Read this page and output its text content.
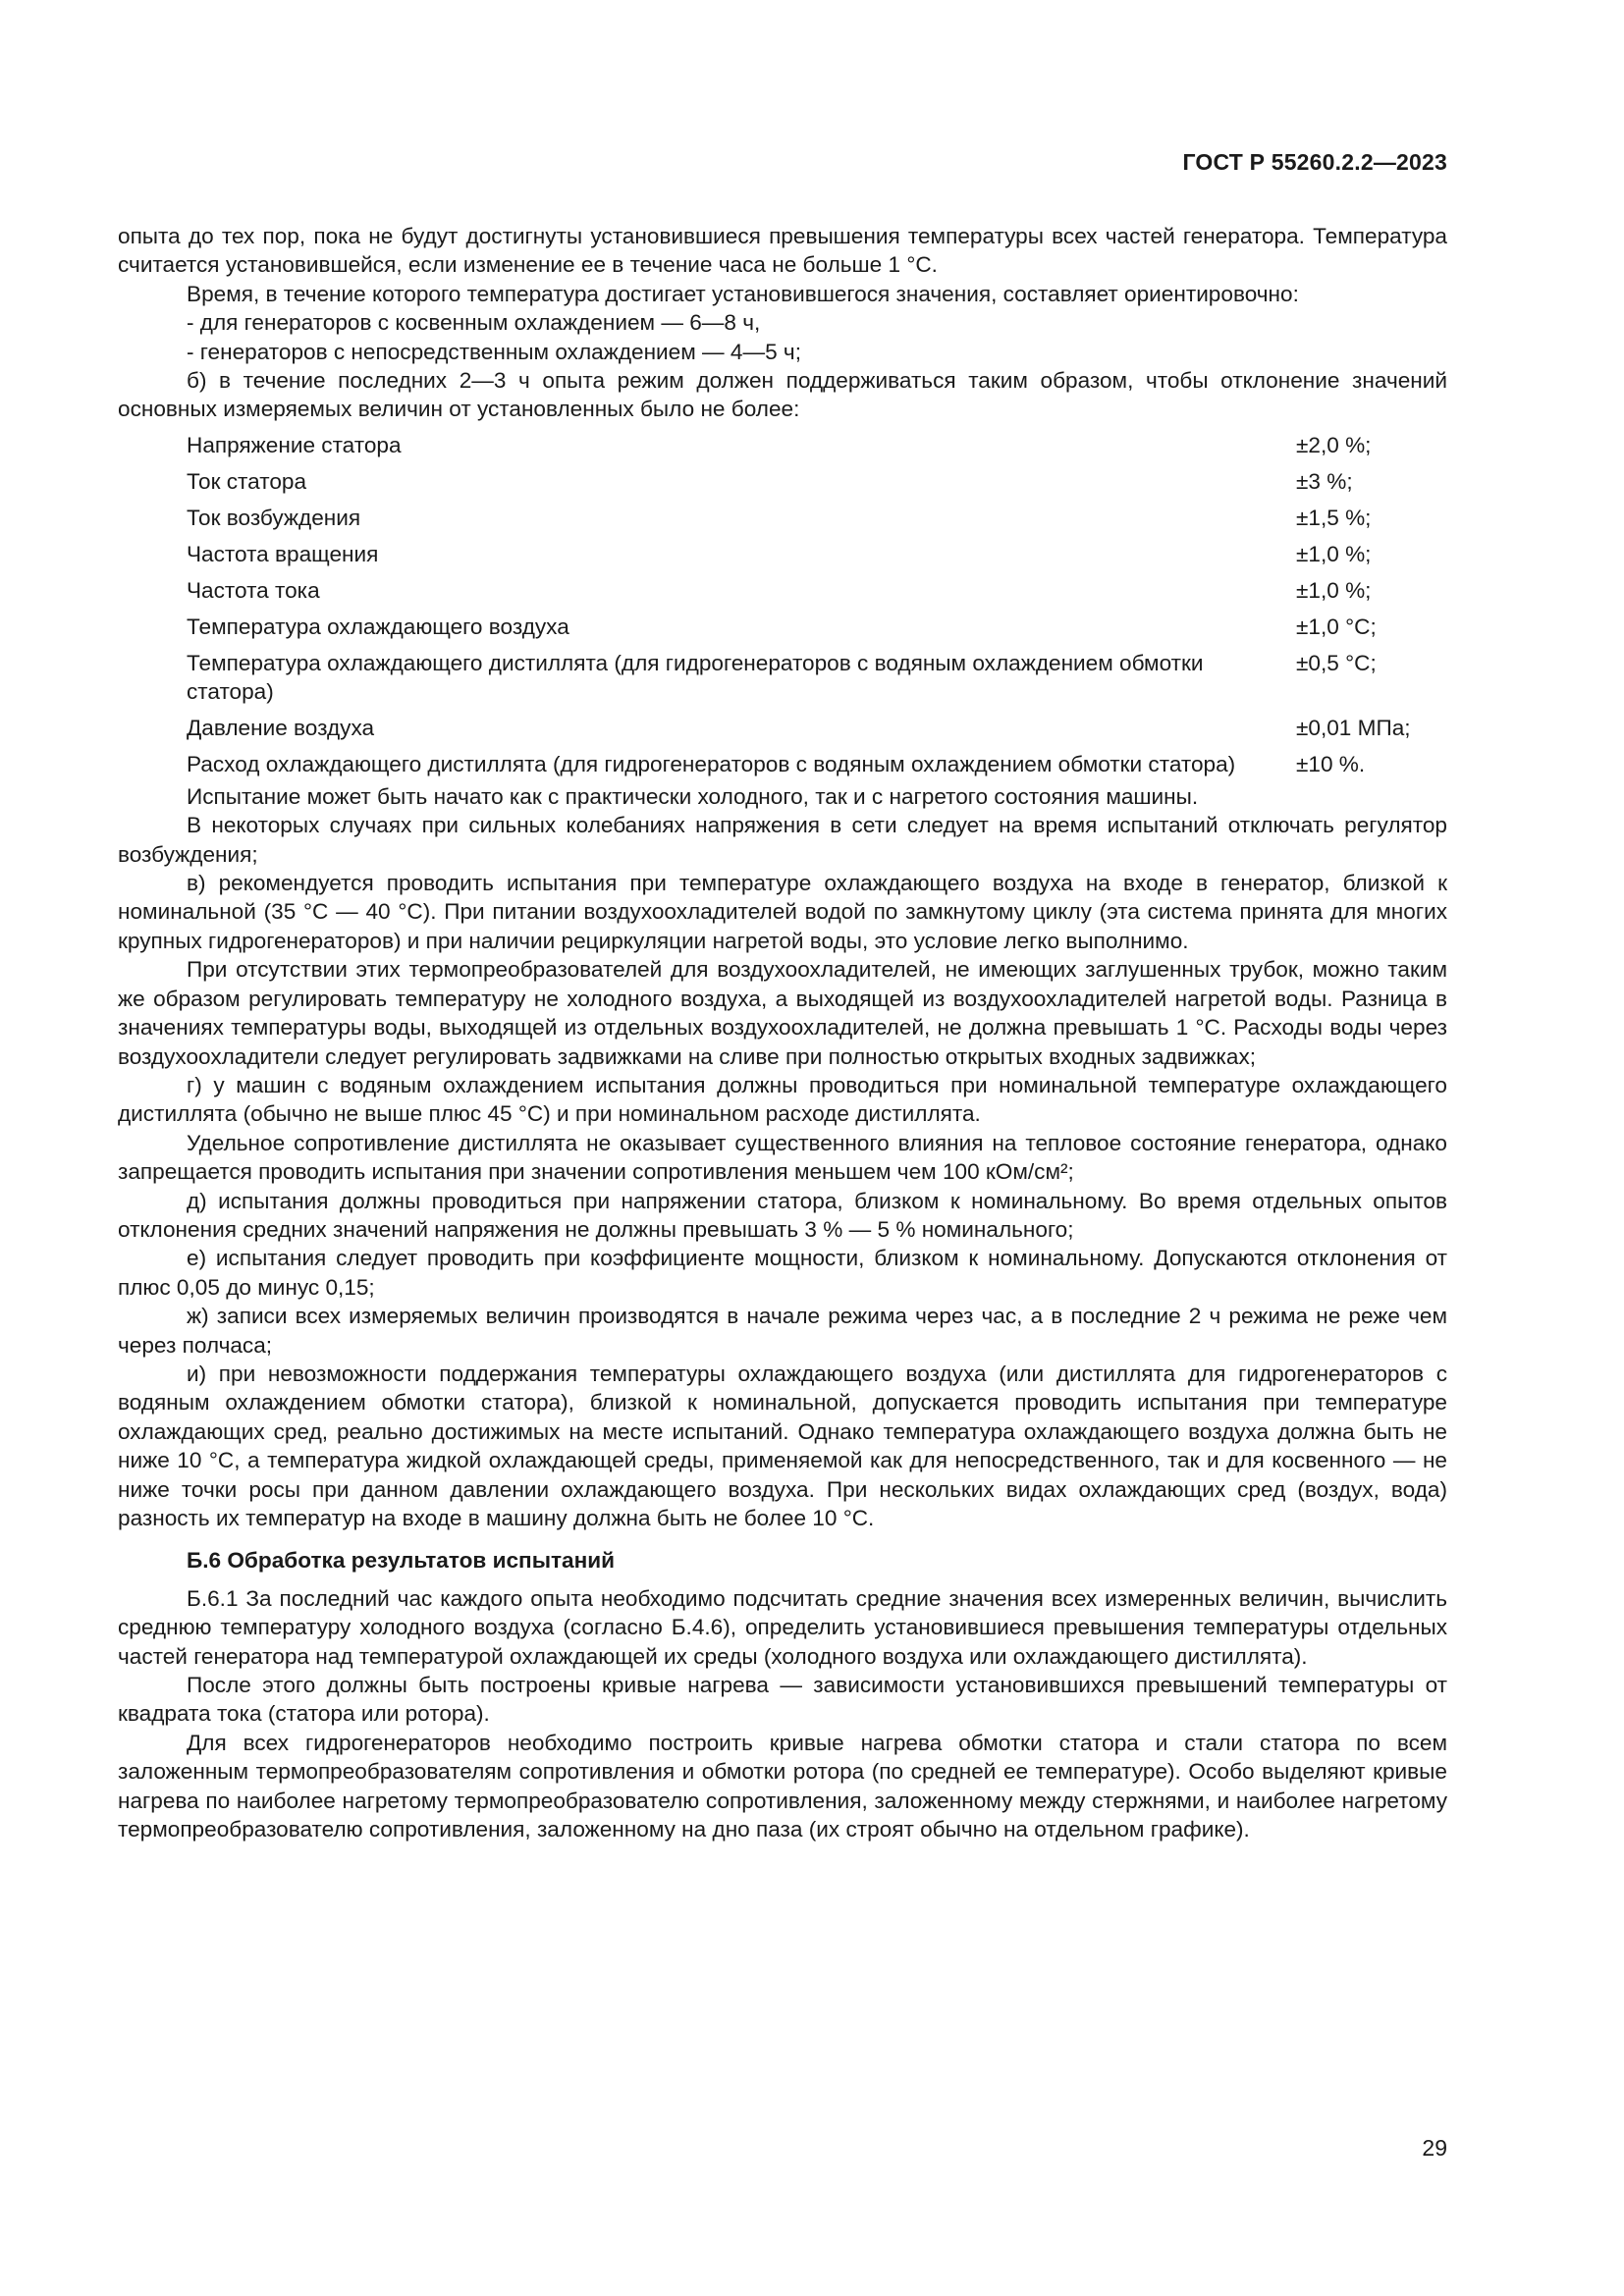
ГОСТ Р 55260.2.2—2023

опыта до тех пор, пока не будут достигнуты установившиеся превышения температуры всех частей генератора. Температура считается установившейся, если изменение ее в течение часа не больше 1 °С.

Время, в течение которого температура достигает установившегося значения, составляет ориентировочно:

- для генераторов с косвенным охлаждением — 6—8 ч,

- генераторов с непосредственным охлаждением — 4—5 ч;

б) в течение последних 2—3 ч опыта режим должен поддерживаться таким образом, чтобы отклонение значений основных измеряемых величин от установленных было не более:

Напряжение статора	±2,0 %;
Ток статора	±3 %;
Ток возбуждения	±1,5 %;
Частота вращения	±1,0 %;
Частота тока	±1,0 %;
Температура охлаждающего воздуха	±1,0 °С;
Температура охлаждающего дистиллята (для гидрогенераторов с водяным охлаждением обмотки статора)	±0,5 °С;
Давление воздуха	±0,01 МПа;
Расход охлаждающего дистиллята (для гидрогенераторов с водяным охлаждением обмотки статора)	±10 %.

Испытание может быть начато как с практически холодного, так и с нагретого состояния машины.

В некоторых случаях при сильных колебаниях напряжения в сети следует на время испытаний отключать регулятор возбуждения;

в) рекомендуется проводить испытания при температуре охлаждающего воздуха на входе в генератор, близкой к номинальной (35 °С — 40 °С). При питании воздухоохладителей водой по замкнутому циклу (эта система принята для многих крупных гидрогенераторов) и при наличии рециркуляции нагретой воды, это условие легко выполнимо.

При отсутствии этих термопреобразователей для воздухоохладителей, не имеющих заглушенных трубок, можно таким же образом регулировать температуру не холодного воздуха, а выходящей из воздухоохладителей нагретой воды. Разница в значениях температуры воды, выходящей из отдельных воздухоохладителей, не должна превышать 1 °С. Расходы воды через воздухоохладители следует регулировать задвижками на сливе при полностью открытых входных задвижках;

г) у машин с водяным охлаждением испытания должны проводиться при номинальной температуре охлаждающего дистиллята (обычно не выше плюс 45 °С) и при номинальном расходе дистиллята.

Удельное сопротивление дистиллята не оказывает существенного влияния на тепловое состояние генератора, однако запрещается проводить испытания при значении сопротивления меньшем чем 100 кОм/см²;

д) испытания должны проводиться при напряжении статора, близком к номинальному. Во время отдельных опытов отклонения средних значений напряжения не должны превышать 3 % — 5 % номинального;

е) испытания следует проводить при коэффициенте мощности, близком к номинальному. Допускаются отклонения от плюс 0,05 до минус 0,15;

ж) записи всех измеряемых величин производятся в начале режима через час, а в последние 2 ч режима не реже чем через полчаса;

и) при невозможности поддержания температуры охлаждающего воздуха (или дистиллята для гидрогенераторов с водяным охлаждением обмотки статора), близкой к номинальной, допускается проводить испытания при температуре охлаждающих сред, реально достижимых на месте испытаний. Однако температура охлаждающего воздуха должна быть не ниже 10 °С, а температура жидкой охлаждающей среды, применяемой как для непосредственного, так и для косвенного — не ниже точки росы при данном давлении охлаждающего воздуха. При нескольких видах охлаждающих сред (воздух, вода) разность их температур на входе в машину должна быть не более 10 °С.

Б.6 Обработка результатов испытаний

Б.6.1 За последний час каждого опыта необходимо подсчитать средние значения всех измеренных величин, вычислить среднюю температуру холодного воздуха (согласно Б.4.6), определить установившиеся превышения температуры отдельных частей генератора над температурой охлаждающей их среды (холодного воздуха или охлаждающего дистиллята).

После этого должны быть построены кривые нагрева — зависимости установившихся превышений температуры от квадрата тока (статора или ротора).

Для всех гидрогенераторов необходимо построить кривые нагрева обмотки статора и стали статора по всем заложенным термопреобразователям сопротивления и обмотки ротора (по средней ее температуре). Особо выделяют кривые нагрева по наиболее нагретому термопреобразователю сопротивления, заложенному между стержнями, и наиболее нагретому термопреобразователю сопротивления, заложенному на дно паза (их строят обычно на отдельном графике).

29
